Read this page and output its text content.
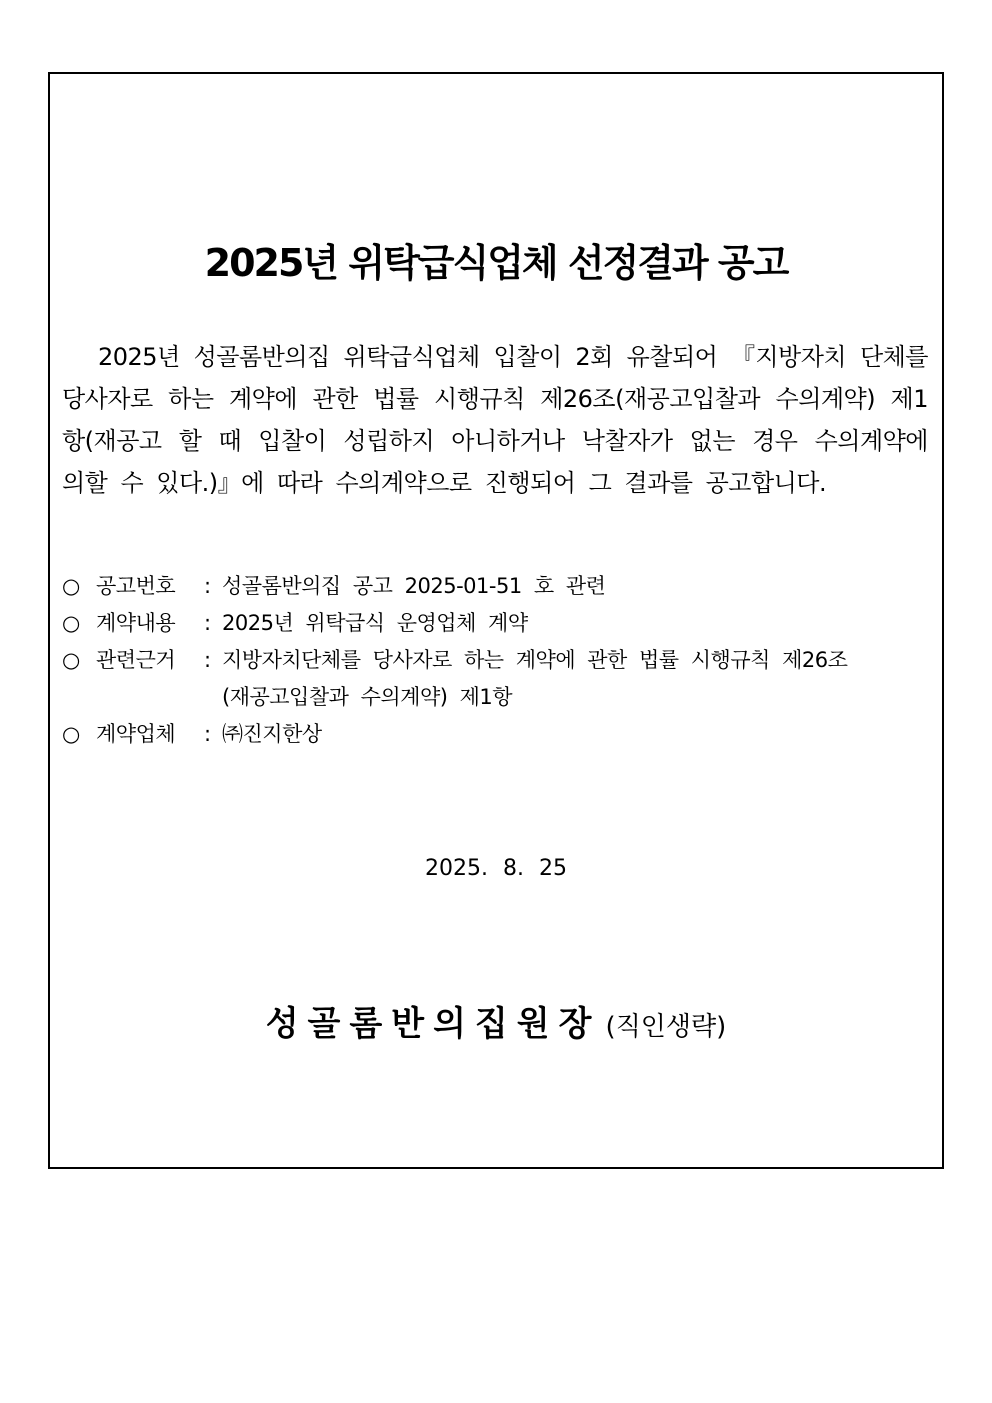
2025년 위탁급식업체 선정결과 공고
2025년 성골롬반의집 위탁급식업체 입찰이 2회 유찰되어 『지방자치 단체를 당사자로 하는 계약에 관한 법률 시행규칙 제26조(재공고입찰과 수의계약) 제1항(재공고 할 때 입찰이 성립하지 아니하거나 낙찰자가 없는 경우 수의계약에 의할 수 있다.)』에 따라 수의계약으로 진행되어 그 결과를 공고합니다.
○ 공고번호	: 성골롬반의집 공고 2025-01-51 호 관련
○ 계약내용	: 2025년 위탁급식 운영업체 계약
○ 관련근거	: 지방자치단체를 당사자로 하는 계약에 관한 법률 시행규칙 제26조
(재공고입찰과 수의계약) 제1항
○ 계약업체	: ㈜진지한상
2025. 8. 25
성골롬반의집원장 (직인생략)
